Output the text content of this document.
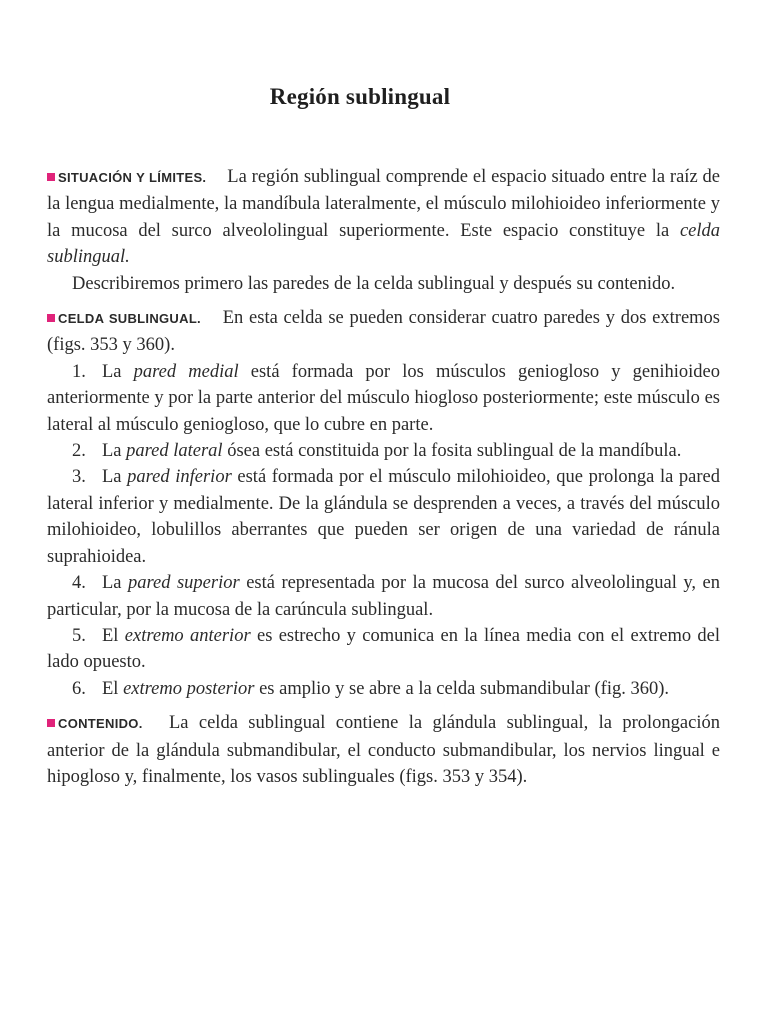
Región sublingual

SITUACIÓN Y LÍMITES. La región sublingual comprende el espacio situado entre la raíz de la lengua medialmente, la mandíbula lateralmente, el músculo milohioideo inferiormente y la mucosa del surco alveololingual superiormente. Este espacio constituye la celda sublingual.

Describiremos primero las paredes de la celda sublingual y después su contenido.

CELDA SUBLINGUAL. En esta celda se pueden considerar cuatro paredes y dos extremos (figs. 353 y 360).

1. La pared medial está formada por los músculos geniogloso y genihioideo anteriormente y por la parte anterior del músculo hiogloso posteriormente; este músculo es lateral al músculo geniogloso, que lo cubre en parte.

2. La pared lateral ósea está constituida por la fosita sublingual de la mandíbula.

3. La pared inferior está formada por el músculo milohioideo, que prolonga la pared lateral inferior y medialmente. De la glándula se desprenden a veces, a través del músculo milohioideo, lobulillos aberrantes que pueden ser origen de una variedad de ránula suprahioidea.

4. La pared superior está representada por la mucosa del surco alveololingual y, en particular, por la mucosa de la carúncula sublingual.

5. El extremo anterior es estrecho y comunica en la línea media con el extremo del lado opuesto.

6. El extremo posterior es amplio y se abre a la celda submandibular (fig. 360).

CONTENIDO. La celda sublingual contiene la glándula sublingual, la prolongación anterior de la glándula submandibular, el conducto submandibular, los nervios lingual e hipogloso y, finalmente, los vasos sublinguales (figs. 353 y 354).
